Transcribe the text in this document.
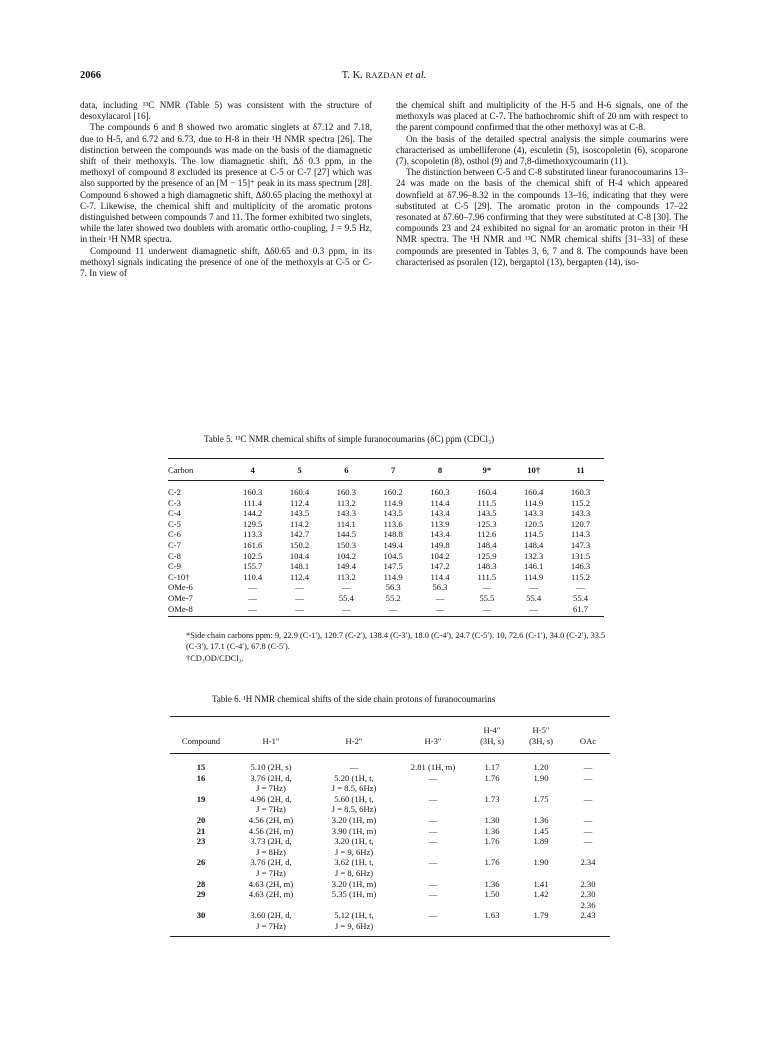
2066	T. K. RAZDAN et al.

data, including ¹³C NMR (Table 5) was consistent with the structure of desoxylacarol [16].

The compounds 6 and 8 showed two aromatic singlets at δ7.12 and 7.18, due to H-5, and 6.72 and 6.73, due to H-8 in their ¹H NMR spectra [26]. The distinction between the compounds was made on the basis of the diamagnetic shift of their methoxyls. The low diamagnetic shift, Δδ 0.3 ppm, in the methoxyl of compound 8 excluded its presence at C-5 or C-7 [27] which was also supported by the presence of an [M − 15]⁺ peak in its mass spectrum [28]. Compound 6 showed a high diamagnetic shift, Δδ0.65 placing the methoxyl at C-7. Likewise, the chemical shift and multiplicity of the aromatic protons distinguished between compounds 7 and 11. The former exhibited two singlets, while the later showed two doublets with aromatic ortho-coupling, J = 9.5 Hz, in their ¹H NMR spectra.

Compound 11 underwent diamagnetic shift, Δδ0.65 and 0.3 ppm, in its methoxyl signals indicating the presence of one of the methoxyls at C-5 or C-7. In view of

the chemical shift and multiplicity of the H-5 and H-6 signals, one of the methoxyls was placed at C-7. The bathochromic shift of 20 nm with respect to the parent compound confirmed that the other methoxyl was at C-8.

On the basis of the detailed spectral analysis the simple coumarins were characterised as umbelliferone (4), esculetin (5), isoscopoletin (6), scoparone (7), scopoletin (8), osthol (9) and 7,8-dimethoxycoumarin (11).

The distinction between C-5 and C-8 substituted linear furanocoumarins 13–24 was made on the basis of the chemical shift of H-4 which appeared downfield at δ7.96–8.32 in the compounds 13–16, indicating that they were substituted at C-5 [29]. The aromatic proton in the compounds 17–22 resonated at δ7.60–7.96 confirming that they were substituted at C-8 [30]. The compounds 23 and 24 exhibited no signal for an aromatic proton in their ¹H NMR spectra. The ¹H NMR and ¹³C NMR chemical shifts [31–33] of these compounds are presented in Tables 3, 6, 7 and 8. The compounds have been characterised as psoralen (12), bergaptol (13), bergapten (14), iso-

Table 5. ¹³C NMR chemical shifts of simple furanocoumarins (δC) ppm (CDCl₃)
Carbon	4	5	6	7	8	9*	10†	11
C-2	160.3	160.4	160.3	160.2	160.3	160.4	160.4	160.3
C-3	111.4	112.4	113.2	114.9	114.4	111.5	114.9	115.2
C-4	144.2	143.5	143.3	143.5	143.4	143.5	143.3	143.3
C-5	129.5	114.2	114.1	113.6	113.9	125.3	120.5	120.7
C-6	113.3	142.7	144.5	148.8	143.4	112.6	114.5	114.3
C-7	161.6	150.2	150.3	149.4	149.8	148.4	148.4	147.3
C-8	102.5	104.4	104.2	104.5	104.2	125.9	132.3	131.5
C-9	155.7	148.1	149.4	147.5	147.2	148.3	146.1	146.3
C-10†	110.4	112.4	113.2	114.9	114.4	111.5	114.9	115.2
OMe-6	—	—	—	56.3	56.3	—	—	—
OMe-7	—	—	55.4	55.2	—	55.5	55.4	55.4
OMe-8	—	—	—	—	—	—	—	61.7
*Side chain carbons ppm: 9, 22.9 (C-1′), 120.7 (C-2′), 138.4 (C-3′), 18.0 (C-4′), 24.7 (C-5′). 10, 72.6 (C-1′), 34.0 (C-2′), 33.5 (C-3′), 17.1 (C-4′), 67.8 (C-5′).
†CD₃OD/CDCl₃.
Table 6. ¹H NMR chemical shifts of the side chain protons of furanocoumarins
				H-4″	H-5″	
Compound	H-1″	H-2″	H-3″	(3H, s)	(3H, s)	OAc
15	5.10 (2H, s)	—	2.81 (1H, m)	1.17	1.20	—

16	3.76 (2H, d,
J = 7Hz)	5.20 (1H, t,
J = 8.5, 6Hz)	—	1.76	1.90	—

19	4.96 (2H, d,
J = 7Hz)	5.60 (1H, t,
J = 8.5, 6Hz)	—	1.73	1.75	—

20	4.56 (2H, m)	3.20 (1H, m)	—	1.30	1.36	—

21	4.56 (2H, m)	3.90 (1H, m)	—	1.36	1.45	—

23	3.73 (2H, d,
J = 8Hz)	3.20 (1H, t,
J = 9, 6Hz)	—	1.76	1.89	—

26	3.76 (2H, d,
J = 7Hz)	3.62 (1H, t,
J = 8, 6Hz)	—	1.76	1.90	2.34

28	4.63 (2H, m)	3.20 (1H, m)	—	1.36	1.41	2.30

29	4.63 (2H, m)	5.35 (1H, m)	—	1.50	1.42	2.30
2.36

30	3.60 (2H, d,
J = 7Hz)	5.12 (1H, t,
J = 9, 6Hz)	—	1.63	1.79	2.43
